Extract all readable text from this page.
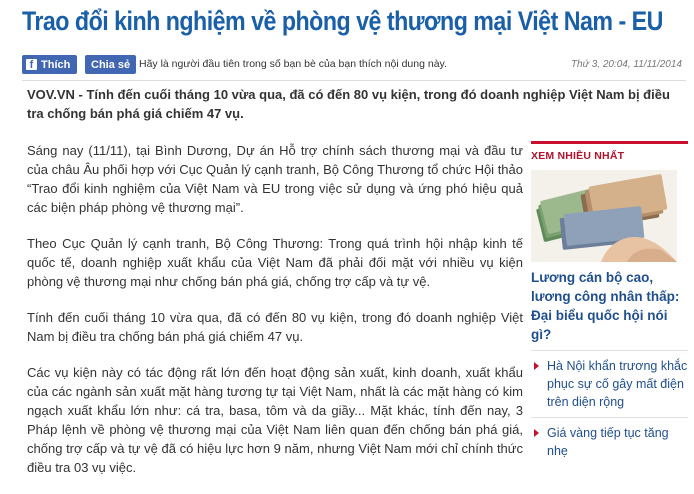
Trao đổi kinh nghiệm về phòng vệ thương mại Việt Nam - EU
f Thích	Chia sẻ Hãy là người đầu tiên trong số bạn bè của bạn thích nội dung này.	Thứ 3, 20:04, 11/11/2014
VOV.VN - Tính đến cuối tháng 10 vừa qua, đã có đến 80 vụ kiện, trong đó doanh nghiệp Việt Nam bị điều tra chống bán phá giá chiếm 47 vụ.

Sáng nay (11/11), tại Bình Dương, Dự án Hỗ trợ chính sách thương mại và đầu tư của châu Âu phối hợp với Cục Quản lý cạnh tranh, Bộ Công Thương tổ chức Hội thảo “Trao đổi kinh nghiệm của Việt Nam và EU trong việc sử dụng và ứng phó hiệu quả các biện pháp phòng vệ thương mại”.

Theo Cục Quản lý cạnh tranh, Bộ Công Thương: Trong quá trình hội nhập kinh tế quốc tế, doanh nghiệp xuất khẩu của Việt Nam đã phải đối mặt với nhiều vụ kiện phòng vệ thương mại như chống bán phá giá, chống trợ cấp và tự vệ.

Tính đến cuối tháng 10 vừa qua, đã có đến 80 vụ kiện, trong đó doanh nghiệp Việt Nam bị điều tra chống bán phá giá chiếm 47 vụ.

Các vụ kiện này có tác động rất lớn đến hoạt động sản xuất, kinh doanh, xuất khẩu của các ngành sản xuất mặt hàng tương tự tại Việt Nam, nhất là các mặt hàng có kim ngạch xuất khẩu lớn như: cá tra, basa, tôm và da giầy... Mặt khác, tính đến nay, 3 Pháp lệnh về phòng vệ thương mại của Việt Nam liên quan đến chống bán phá giá, chống trợ cấp và tự vệ đã có hiệu lực hơn 9 năm, nhưng Việt Nam mới chỉ chính thức điều tra 03 vụ việc.

XEM NHIỀU NHẤT
Lương cán bộ cao, lương công nhân thấp: Đại biểu quốc hội nói gì?
Hà Nội khẩn trương khắc phục sự cố gây mất điện trên diện rộng
Giá vàng tiếp tục tăng nhẹ
